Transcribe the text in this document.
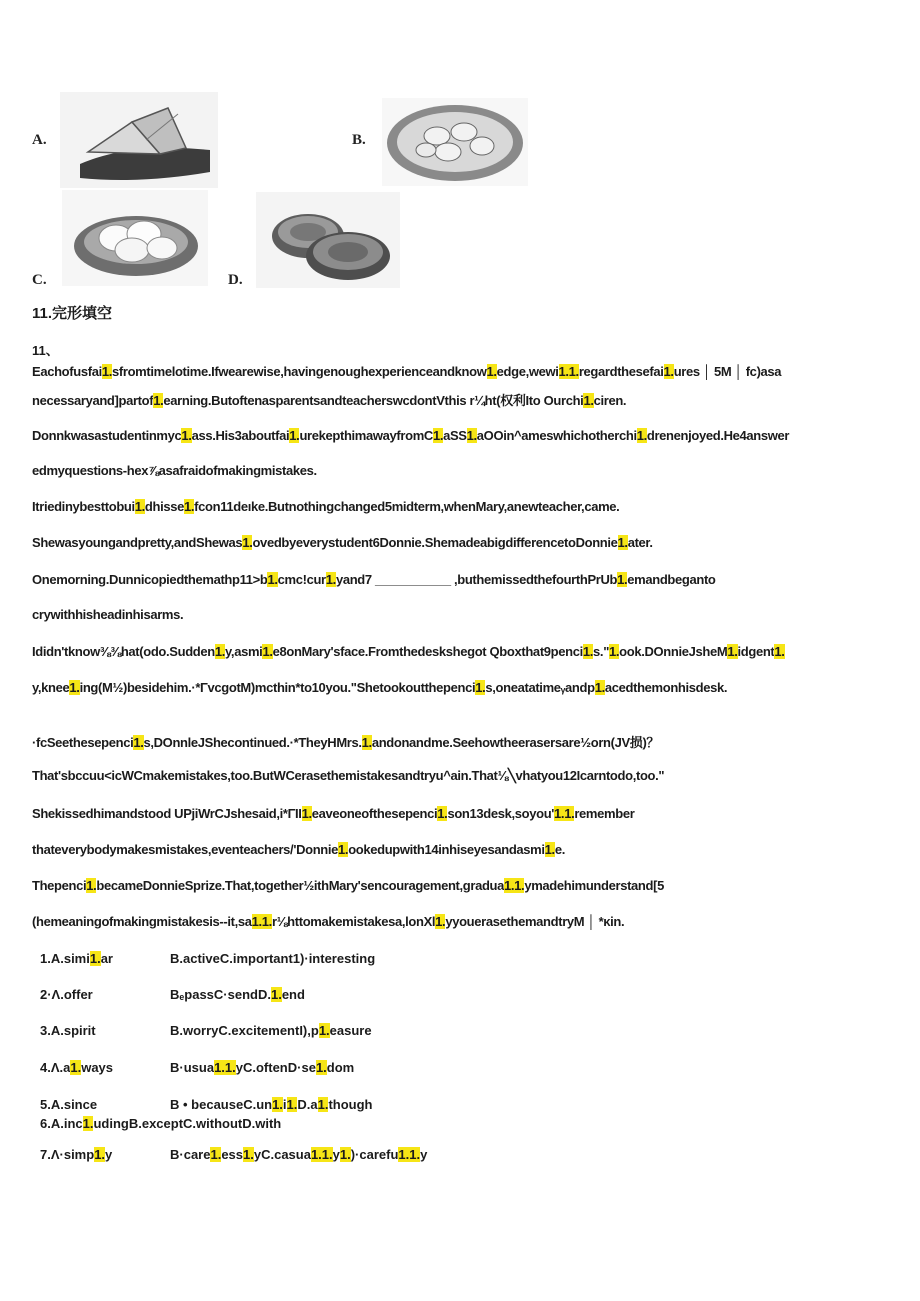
A.	B.
C.	D.
11.完形填空
11、
Eachofusfai1.sfromtimelotime.Ifwearewise,havingenoughexperienceandknow1.edge,wewi1.1.regardthesefai1.ures │ 5M │ fc)asa
necessaryand]partof1.earning.ButoftenasparentsandteacherswcdontVthis r¼ht(权利Ito Ourchi1.ciren.
Donnkwasastudentinmyc1.ass.His3aboutfai1.urekepthimawayfromC1.aSS1.aOOin^ameswhichotherchi1.drenenjoyed.He4answer
edmyquestions-hex⅞asafraidofmakingmistakes.
Itriedinybesttobui1.dhisse1.fcon11deıke.Butnothingchanged5midterm,whenMary,anewteacher,came.
Shewasyoungandpretty,andShewas1.ovedbyeverystudent6Donnie.ShemadeabigdifferencetoDonnie1.ater.
Onemorning.Dunnicopiedthemathp11>b1.cmc!cur1.yand7 ___________ ,buthemissedthefourthPrUb1.emandbeganto
crywithhisheadinhisarms.
Ididn'tknow⅜⅜hat(odo.Sudden1.y,asmi1.e8onMary'sface.Fromthedeskshegot Qboxthat9penci1.s."1.ook.DOnnieJsheM1.idgent1.
y,knee1.ing(M½)besidehim.·*ΓvcgotM)mcthin*to10you."Shetookoutthepenci1.s,oneatatimeᵧandp1.acedthemonhisdesk.
·fcSeethesepenci1.s,DOnnleJShecontinued.·*TheyHMrs.1.andonandme.Seehowtheerasersare½orn(JV损)？
That'sbccuu<icWCmakemistakes,too.ButWCerasethemistakesandtryu^ain.That⅛╲vhatyou12Icarntodo,too."
Shekissedhimandstood UPjiWrCJshesaid,i*ΓII1.eaveoneofthesepenci1.son13desk,soyou'1.1.remember
thateverybodymakesmistakes,eventeachers/'Donnie1.ookedupwith14inhiseyesandasmi1.e.
Thepenci1.becameDonnieSprize.That,together½ithMary'sencouragement,gradua1.1.ymadehimunderstand[5
(hemeaningofmakingmistakesis--it,sa1.1.r⅛httomakemistakesa,lonXl1.yyouerasethemandtryM │ *κin.
1.A.simi1.ar	B.activeC.important1)·interesting
2·Λ.offer	BₑpassC·sendD.1.end
3.A.spirit	B.worryC.excitementI),p1.easure
4.Λ.a1.ways	B·usua1.1.yC.oftenD·se1.dom
5.A.since	B • becauseC.un1.i1.D.a1.though
6.A.inc1.udingB.exceptC.withoutD.with
7.Λ·simp1.y	B·care1.ess1.yC.casua1.1.y1.)·carefu1.1.y
